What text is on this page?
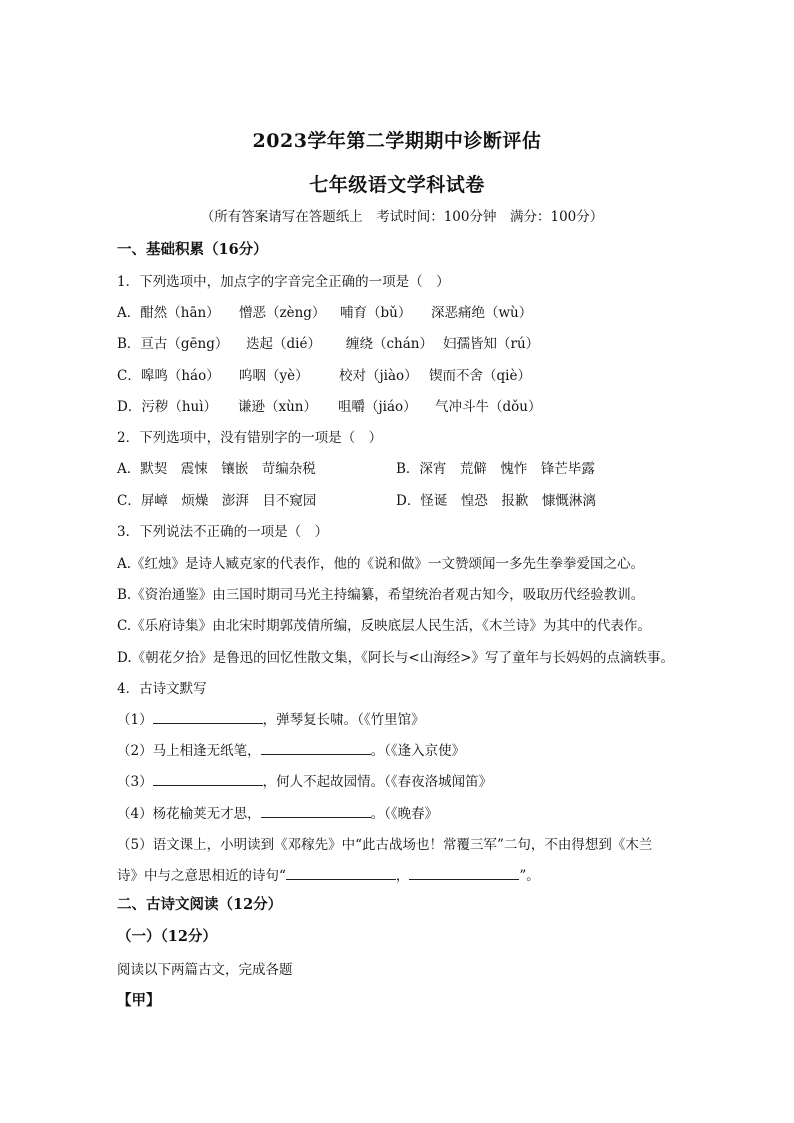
2023学年第二学期期中诊断评估
七年级语文学科试卷
（所有答案请写在答题纸上　考试时间：100分钟　满分：100分）
一、基础积累（16分）
1．下列选项中，加点字的字音完全正确的一项是（　）
A．酣然（hān） 憎恶（zèng） 哺育（bǔ） 深恶痛绝（wù）
B．亘古（gēng） 迭起（dié） 缠绕（chán） 妇孺皆知（rú）
C．嗥鸣（háo） 呜咽（yè） 校对（jiào） 锲而不舍（qiè）
D．污秽（huì） 谦逊（xùn） 咀嚼（jiáo） 气冲斗牛（dǒu）
2．下列选项中，没有错别字的一项是（　）
A．默契　震悚　镶嵌　苛编杂税	B．深宵　荒僻　愧怍　锋芒毕露
C．屏嶂　烦燥　澎湃　目不窥园	D．怪诞　惶恐　报歉　慷慨淋漓
3．下列说法不正确的一项是（　）
A.《红烛》是诗人臧克家的代表作，他的《说和做》一文赞颂闻一多先生拳拳爱国之心。
B.《资治通鉴》由三国时期司马光主持编纂，希望统治者观古知今，吸取历代经验教训。
C.《乐府诗集》由北宋时期郭茂倩所编，反映底层人民生活，《木兰诗》为其中的代表作。
D.《朝花夕拾》是鲁迅的回忆性散文集，《阿长与<山海经>》写了童年与长妈妈的点滴轶事。
4．古诗文默写
（1）	，弹琴复长啸。（《竹里馆》
（2）马上相逢无纸笔，	。（《逢入京使》
（3）	，何人不起故园情。（《春夜洛城闻笛》
（4）杨花榆荚无才思，	。（《晚春》
（5）语文课上，小明读到《邓稼先》中“此古战场也！常覆三军”二句，不由得想到《木兰
诗》中与之意思相近的诗句“	，	”。
二、古诗文阅读（12分）
（一）（12分）
阅读以下两篇古文，完成各题
【甲】
